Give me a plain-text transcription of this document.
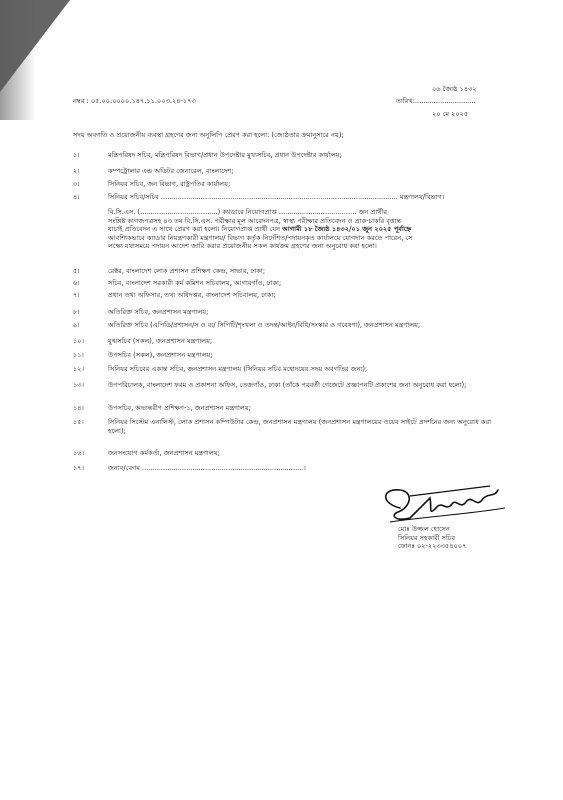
০৬ জ্যৈষ্ঠ ১৪৩২
নম্বর : ০৫.০০.০০০০.১৪৭.১১.০০৩.২৪-১৭৩	তারিখ:.............................
২০ মে ২০২৫
সদয় অবগতি ও প্রয়োজনীয় ব্যবস্থা গ্রহণের জন্য অনুলিপি প্রেরণ করা হলো: (জ্যেষ্ঠতার ক্রমানুসারে নয়);
১।	মন্ত্রিপরিষদ সচিব, মন্ত্রিপরিষদ বিভাগ/প্রধান উপদেষ্টার মুখ্যসচিব, প্রধান উপদেষ্টার কার্যালয়;
২।	কম্পট্রোলার এন্ড অডিটর জেনারেল, বাংলাদেশ;
৩।	সিনিয়র সচিব, জন বিভাগ, রাষ্ট্রপতির কার্যালয়;
৪।	সিনিয়র সচিব/সচিব ................................................................................................................. মন্ত্রণালয়/বিভাগ।
বি.সি.এস. (.....................................) ক্যাডারে নিয়োগপ্রাপ্ত ..................................... জন প্রার্থীর
সংশ্লিষ্ট কাগজপত্রসহ ৪৩ তম বি.সি.এস. পরীক্ষার মূল আবেদনপত্র, স্বাস্থ্য পরীক্ষার প্রতিবেদন ও প্রাক-চাকরি বৃত্তান্ত
যাচাই প্রতিবেদন এ সাথে প্রেরণ করা হলো। নিয়োগপ্রাপ্ত প্রার্থী যেন আগামী ১৮ জ্যৈষ্ঠ ১৪৩২/০১ জুন ২০২৫ পূর্বাহ্নে
আবশ্যিকভাবে ক্যাডার নিয়ন্ত্রণকারী মন্ত্রণালয়/ বিভাগ কর্তৃক নির্দেশিত/পদায়নকৃত কার্যালয়ে যোগদান করতে পারেন, সে
লক্ষ্যে যথাসময়ে পদায়ন আদেশ জারি করার প্রয়োজনীয় সকল কার্যক্রম গ্রহণের জন্য অনুরোধ করা হলো।
৫।	রেক্টর, বাংলাদেশ লোক প্রশাসন প্রশিক্ষণ কেন্দ্র, সাভার, ঢাকা;
৬।	সচিব, বাংলাদেশ সরকারী কর্ম কমিশন সচিবালয়, আগারগাঁও, ঢাকা;
৭।	প্রধান তথ্য অফিসার, তথ্য অধিদপ্তর, বাংলাদেশ সচিবালয়, ঢাকা;
৮।	অতিরিক্ত সচিব, জনপ্রশাসন মন্ত্রণালয়;
৯।	অতিরিক্ত সচিব (এপিডি/প্রশাসন/স ও ব্য/ সিপিটি/শৃংখলা ও তদন্ত/আইন/বিধি/সংস্কার ও গবেষণা), জনপ্রশাসন মন্ত্রণালয়;
১০।	যুগ্মসচিব (সকল), জনপ্রশাসন মন্ত্রণালয়;
১১।	উপসচিব (সকল), জনপ্রশাসন মন্ত্রণালয়;
১২।	সিনিয়র সচিবের একান্ত সচিব, জনপ্রশাসন মন্ত্রণালয় (সিনিয়র সচিব মহোদয়ের সদয় অবগতির জন্য);
১৩।	উপপরিচালক, বাংলাদেশ ফরম ও প্রকাশনা অফিস, তেজগাঁও, ঢাকা (তাঁকে পরবর্তী গেজেটে প্রজ্ঞাপনটি প্রকাশের জন্য অনুরোধ করা হলো);
১৪।	উপসচিব, অভ্যন্তরীণ প্রশিক্ষণ-১, জনপ্রশাসন মন্ত্রণালয়;
১৫।	সিনিয়র সিস্টেম এনালিস্ট, লোক প্রশাসন কম্পিউটার কেন্দ্র, জনপ্রশাসন মন্ত্রণালয় (জনপ্রশাসন মন্ত্রণালয়ের ওয়েব সাইটে প্রদর্শনের জন্য অনুরোধ করা হলো);
১৬।	জনসংযোগ কর্মকর্তা, জনপ্রশাসন মন্ত্রণালয়;
১৭।	জনাব/বেগম .............................................................................।
মোঃ উজ্জল হোসেন
সিনিয়র সহকারী সচিব
ফোনঃ ০২-২২৩৩৫৪০০৭
